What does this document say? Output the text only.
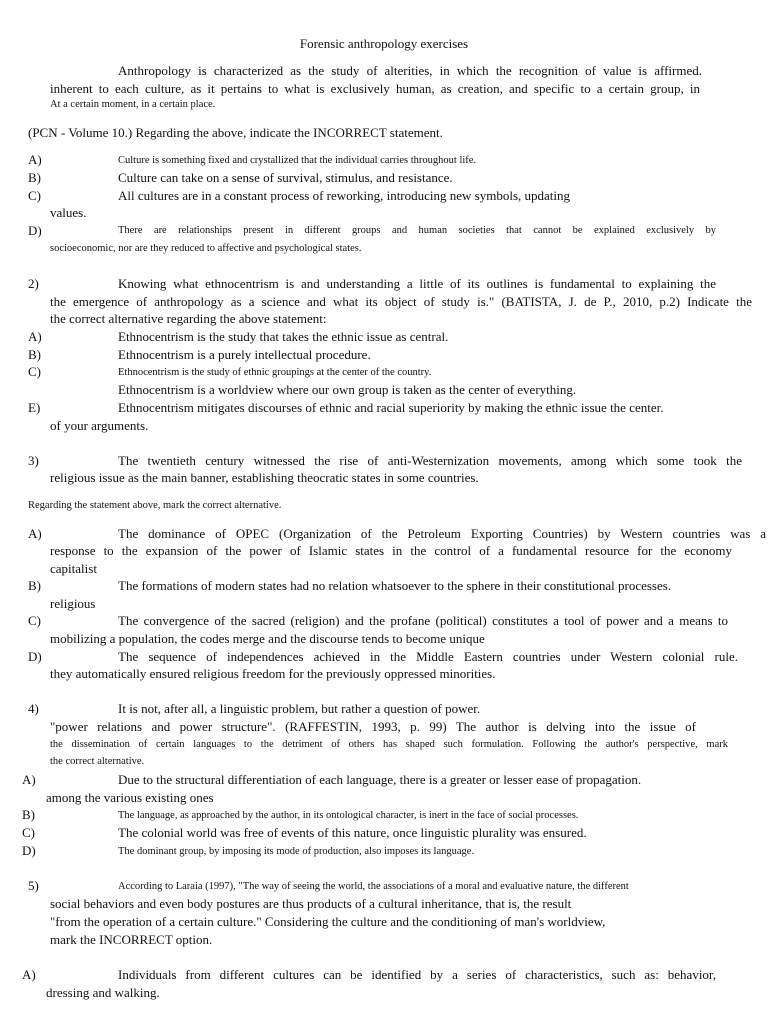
Forensic anthropology exercises
Anthropology is characterized as the study of alterities, in which the recognition of value is affirmed.
inherent to each culture, as it pertains to what is exclusively human, as creation, and specific to a certain group, in
At a certain moment, in a certain place.
(PCN - Volume 10.) Regarding the above, indicate the INCORRECT statement.
A)	Culture is something fixed and crystallized that the individual carries throughout life.
B)	Culture can take on a sense of survival, stimulus, and resistance.
C)	All cultures are in a constant process of reworking, introducing new symbols, updating
values.
D)	There are relationships present in different groups and human societies that cannot be explained exclusively by
socioeconomic, nor are they reduced to affective and psychological states.
2)	Knowing what ethnocentrism is and understanding a little of its outlines is fundamental to explaining the
the emergence of anthropology as a science and what its object of study is." (BATISTA, J. de P., 2010, p.2) Indicate the
the correct alternative regarding the above statement:
A)	Ethnocentrism is the study that takes the ethnic issue as central.
B)	Ethnocentrism is a purely intellectual procedure.
C)	Ethnocentrism is the study of ethnic groupings at the center of the country.
Ethnocentrism is a worldview where our own group is taken as the center of everything.
E)	Ethnocentrism mitigates discourses of ethnic and racial superiority by making the ethnic issue the center.
of your arguments.
3)	The twentieth century witnessed the rise of anti-Westernization movements, among which some took the
religious issue as the main banner, establishing theocratic states in some countries.
Regarding the statement above, mark the correct alternative.
A)	The dominance of OPEC (Organization of the Petroleum Exporting Countries) by Western countries was a
response to the expansion of the power of Islamic states in the control of a fundamental resource for the economy
capitalist
B)	The formations of modern states had no relation whatsoever to the sphere in their constitutional processes.
religious
C)	The convergence of the sacred (religion) and the profane (political) constitutes a tool of power and a means to
mobilizing a population, the codes merge and the discourse tends to become unique
D)	The sequence of independences achieved in the Middle Eastern countries under Western colonial rule.
they automatically ensured religious freedom for the previously oppressed minorities.
4)	It is not, after all, a linguistic problem, but rather a question of power.
"power relations and power structure". (RAFFESTIN, 1993, p. 99) The author is delving into the issue of
the dissemination of certain languages to the detriment of others has shaped such formulation. Following the author's perspective, mark
the correct alternative.
A)	Due to the structural differentiation of each language, there is a greater or lesser ease of propagation.
among the various existing ones
B)	The language, as approached by the author, in its ontological character, is inert in the face of social processes.
C)	The colonial world was free of events of this nature, once linguistic plurality was ensured.
D)	The dominant group, by imposing its mode of production, also imposes its language.
5)	According to Laraia (1997), "The way of seeing the world, the associations of a moral and evaluative nature, the different
social behaviors and even body postures are thus products of a cultural inheritance, that is, the result
"from the operation of a certain culture." Considering the culture and the conditioning of man's worldview,
mark the INCORRECT option.
A)	Individuals from different cultures can be identified by a series of characteristics, such as: behavior,
dressing and walking.
